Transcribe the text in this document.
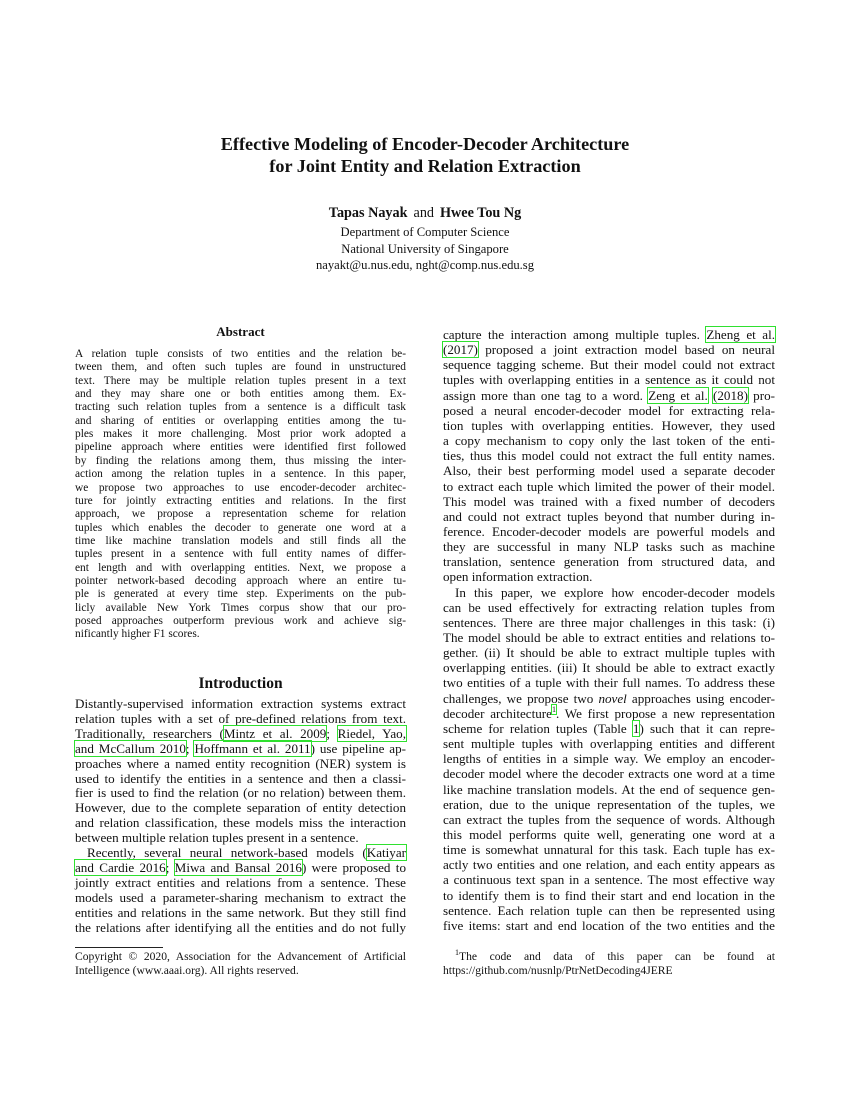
Effective Modeling of Encoder-Decoder Architecture
for Joint Entity and Relation Extraction
Tapas Nayak and Hwee Tou Ng
Department of Computer Science
National University of Singapore
nayakt@u.nus.edu, nght@comp.nus.edu.sg
Abstract
A relation tuple consists of two entities and the relation be-
tween them, and often such tuples are found in unstructured
text. There may be multiple relation tuples present in a text
and they may share one or both entities among them. Ex-
tracting such relation tuples from a sentence is a difficult task
and sharing of entities or overlapping entities among the tu-
ples makes it more challenging. Most prior work adopted a
pipeline approach where entities were identified first followed
by finding the relations among them, thus missing the inter-
action among the relation tuples in a sentence. In this paper,
we propose two approaches to use encoder-decoder architec-
ture for jointly extracting entities and relations. In the first
approach, we propose a representation scheme for relation
tuples which enables the decoder to generate one word at a
time like machine translation models and still finds all the
tuples present in a sentence with full entity names of differ-
ent length and with overlapping entities. Next, we propose a
pointer network-based decoding approach where an entire tu-
ple is generated at every time step. Experiments on the pub-
licly available New York Times corpus show that our pro-
posed approaches outperform previous work and achieve sig-
nificantly higher F1 scores.
Introduction
Distantly-supervised information extraction systems extract
relation tuples with a set of pre-defined relations from text.
Traditionally, researchers (Mintz et al. 2009; Riedel, Yao,
and McCallum 2010; Hoffmann et al. 2011) use pipeline ap-
proaches where a named entity recognition (NER) system is
used to identify the entities in a sentence and then a classi-
fier is used to find the relation (or no relation) between them.
However, due to the complete separation of entity detection
and relation classification, these models miss the interaction
between multiple relation tuples present in a sentence.
Recently, several neural network-based models (Katiyar
and Cardie 2016; Miwa and Bansal 2016) were proposed to
jointly extract entities and relations from a sentence. These
models used a parameter-sharing mechanism to extract the
entities and relations in the same network. But they still find
the relations after identifying all the entities and do not fully
capture the interaction among multiple tuples. Zheng et al.
(2017) proposed a joint extraction model based on neural
sequence tagging scheme. But their model could not extract
tuples with overlapping entities in a sentence as it could not
assign more than one tag to a word. Zeng et al. (2018) pro-
posed a neural encoder-decoder model for extracting rela-
tion tuples with overlapping entities. However, they used
a copy mechanism to copy only the last token of the enti-
ties, thus this model could not extract the full entity names.
Also, their best performing model used a separate decoder
to extract each tuple which limited the power of their model.
This model was trained with a fixed number of decoders
and could not extract tuples beyond that number during in-
ference. Encoder-decoder models are powerful models and
they are successful in many NLP tasks such as machine
translation, sentence generation from structured data, and
open information extraction.
In this paper, we explore how encoder-decoder models
can be used effectively for extracting relation tuples from
sentences. There are three major challenges in this task: (i)
The model should be able to extract entities and relations to-
gether. (ii) It should be able to extract multiple tuples with
overlapping entities. (iii) It should be able to extract exactly
two entities of a tuple with their full names. To address these
challenges, we propose two novel approaches using encoder-
decoder architecture$^1$. We first propose a new representation
scheme for relation tuples (Table 1) such that it can repre-
sent multiple tuples with overlapping entities and different
lengths of entities in a simple way. We employ an encoder-
decoder model where the decoder extracts one word at a time
like machine translation models. At the end of sequence gen-
eration, due to the unique representation of the tuples, we
can extract the tuples from the sequence of words. Although
this model performs quite well, generating one word at a
time is somewhat unnatural for this task. Each tuple has ex-
actly two entities and one relation, and each entity appears as
a continuous text span in a sentence. The most effective way
to identify them is to find their start and end location in the
sentence. Each relation tuple can then be represented using
five items: start and end location of the two entities and the
Copyright © 2020, Association for the Advancement of Artificial
Intelligence (www.aaai.org). All rights reserved.
$^1$The code and data of this paper can be found at
https://github.com/nusnlp/PtrNetDecoding4JERE
